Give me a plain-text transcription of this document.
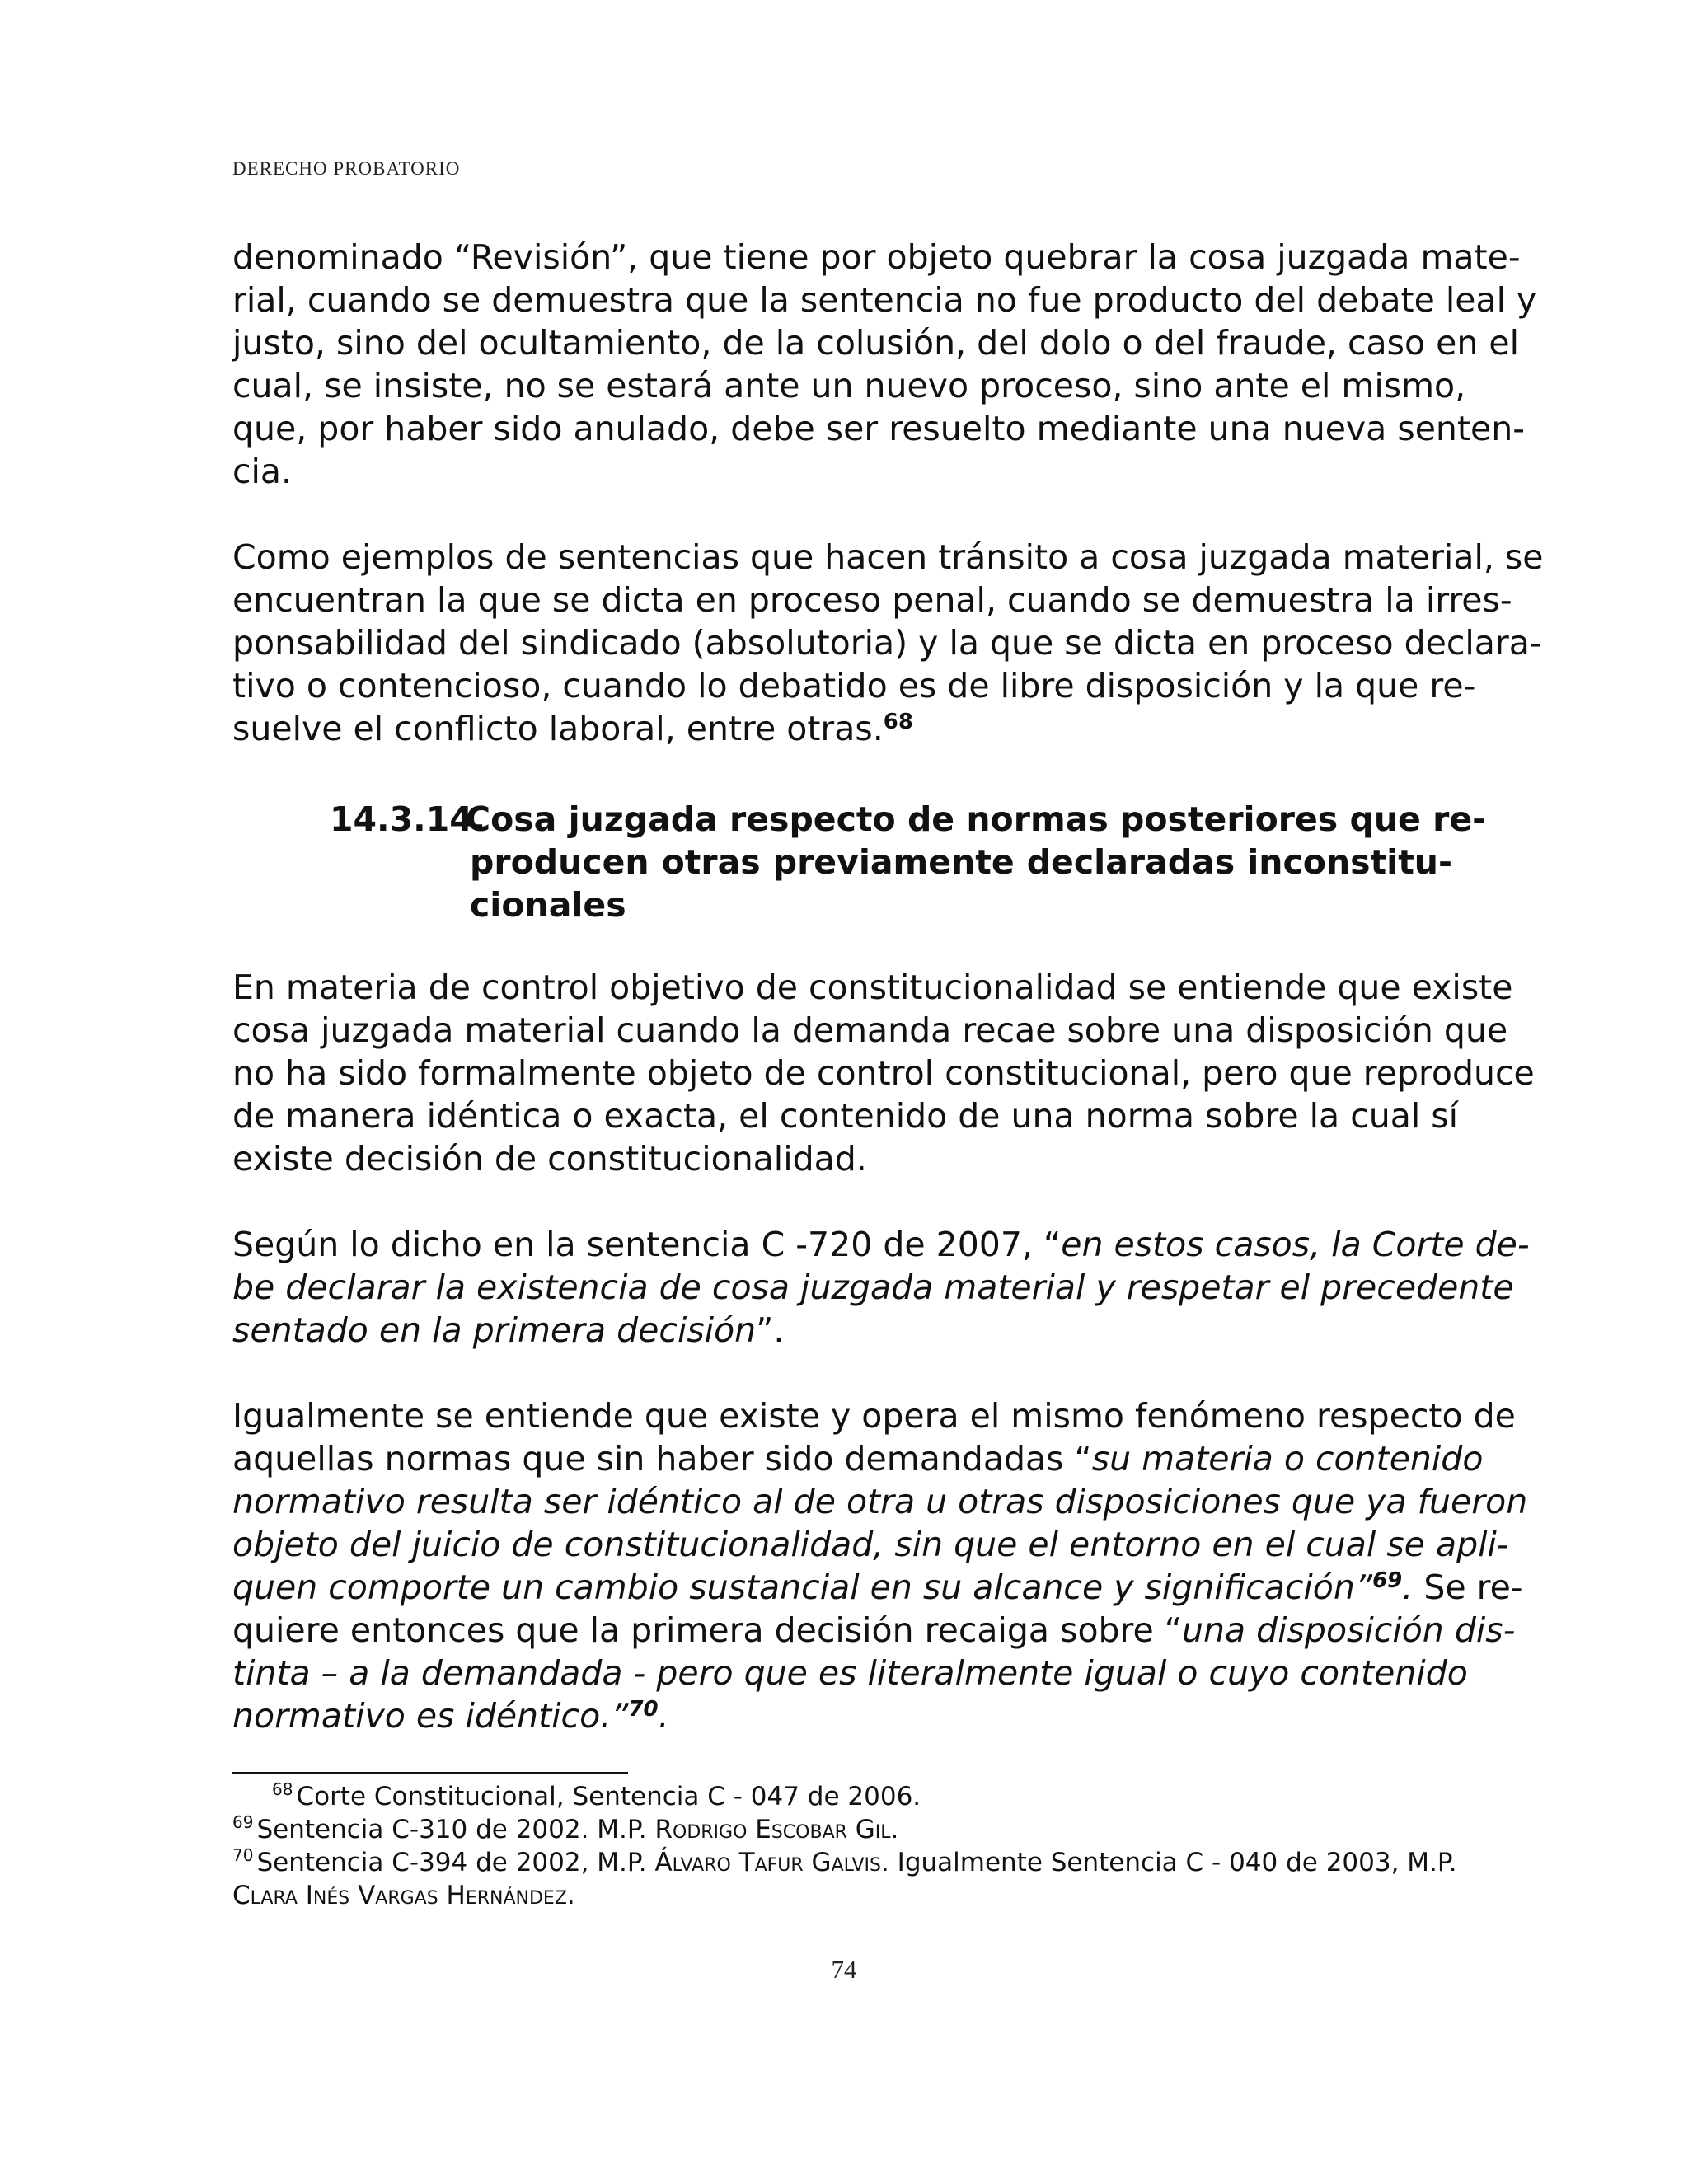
DERECHO PROBATORIO
denominado “Revisión”, que tiene por objeto quebrar la cosa juzgada mate-
rial, cuando se demuestra que la sentencia no fue producto del debate leal y
justo, sino del ocultamiento, de la colusión, del dolo o del fraude, caso en el
cual, se insiste, no se estará ante un nuevo proceso, sino ante el mismo,
que, por haber sido anulado, debe ser resuelto mediante una nueva senten-
cia.
Como ejemplos de sentencias que hacen tránsito a cosa juzgada material, se
encuentran la que se dicta en proceso penal, cuando se demuestra la irres-
ponsabilidad del sindicado (absolutoria) y la que se dicta en proceso declara-
tivo o contencioso, cuando lo debatido es de libre disposición y la que re-
suelve el conflicto laboral, entre otras.$^{68}$
14.3.14.
Cosa juzgada respecto de normas posteriores que re-
producen otras previamente declaradas inconstitu-
cionales
En materia de control objetivo de constitucionalidad se entiende que existe
cosa juzgada material cuando la demanda recae sobre una disposición que
no ha sido formalmente objeto de control constitucional, pero que reproduce
de manera idéntica o exacta, el contenido de una norma sobre la cual sí
existe decisión de constitucionalidad.
Según lo dicho en la sentencia C -720 de 2007, “en estos casos, la Corte de-
be declarar la existencia de cosa juzgada material y respetar el precedente
sentado en la primera decisión”.
Igualmente se entiende que existe y opera el mismo fenómeno respecto de
aquellas normas que sin haber sido demandadas “su materia o contenido
normativo resulta ser idéntico al de otra u otras disposiciones que ya fueron
objeto del juicio de constitucionalidad, sin que el entorno en el cual se apli-
quen comporte un cambio sustancial en su alcance y significación”$^{69}$. Se re-
quiere entonces que la primera decisión recaiga sobre “una disposición dis-
tinta – a la demandada - pero que es literalmente igual o cuyo contenido
normativo es idéntico.”$^{70}$.
$^{68}$ Corte Constitucional, Sentencia C - 047 de 2006.
$^{69}$ Sentencia C-310 de 2002. M.P. Rodrigo Escobar Gil.
$^{70}$ Sentencia C-394 de 2002, M.P. Álvaro Tafur Galvis. Igualmente Sentencia C - 040 de 2003, M.P.
Clara Inés Vargas Hernández.
74
